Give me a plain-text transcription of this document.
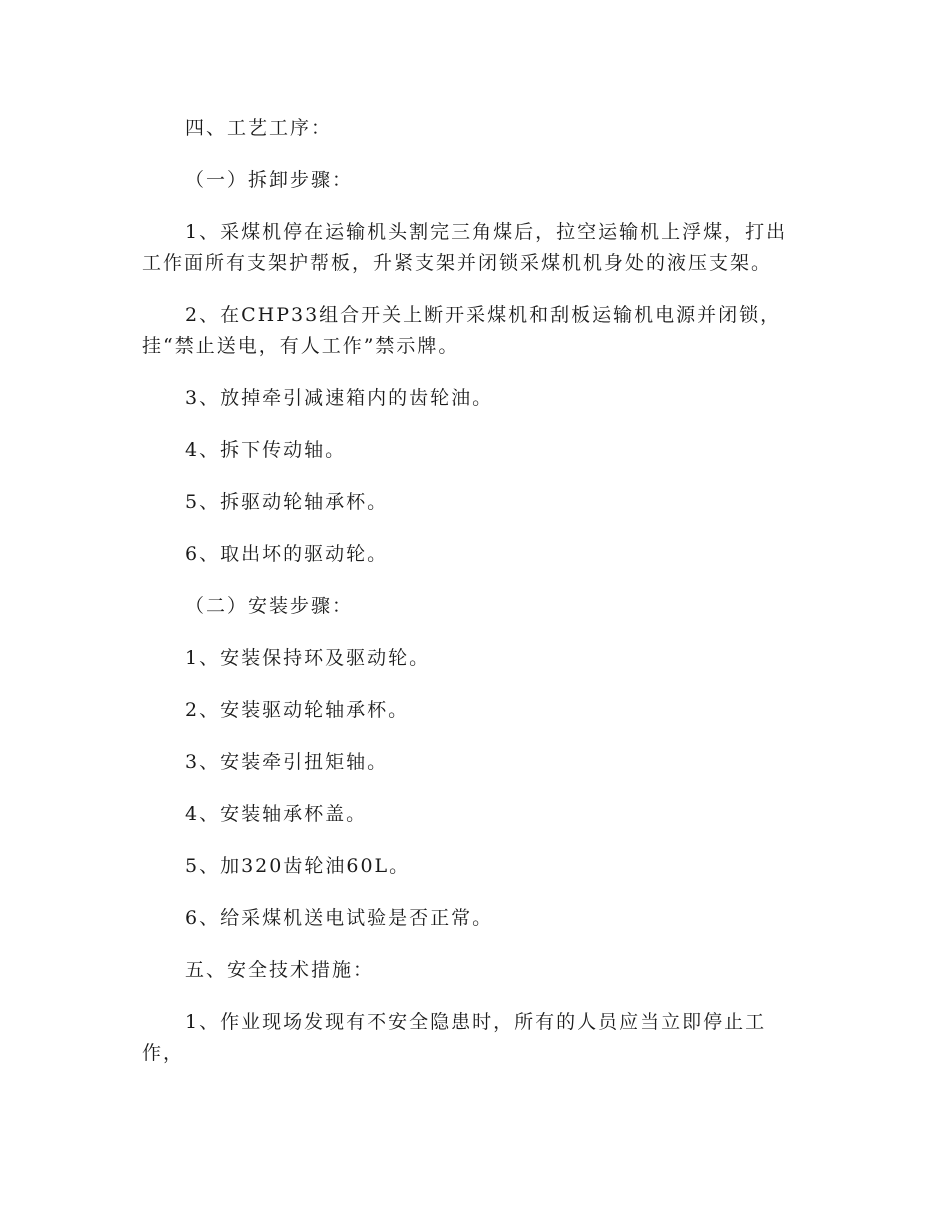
四、工艺工序：

（一）拆卸步骤：

1、采煤机停在运输机头割完三角煤后，拉空运输机上浮煤，打出
工作面所有支架护帮板，升紧支架并闭锁采煤机机身处的液压支架。

2、在CHP33组合开关上断开采煤机和刮板运输机电源并闭锁，
挂“禁止送电，有人工作”禁示牌。

3、放掉牵引减速箱内的齿轮油。

4、拆下传动轴。

5、拆驱动轮轴承杯。

6、取出坏的驱动轮。

（二）安装步骤：

1、安装保持环及驱动轮。

2、安装驱动轮轴承杯。

3、安装牵引扭矩轴。

4、安装轴承杯盖。

5、加320齿轮油60L。

6、给采煤机送电试验是否正常。

五、安全技术措施：

1、作业现场发现有不安全隐患时，所有的人员应当立即停止工
作，
